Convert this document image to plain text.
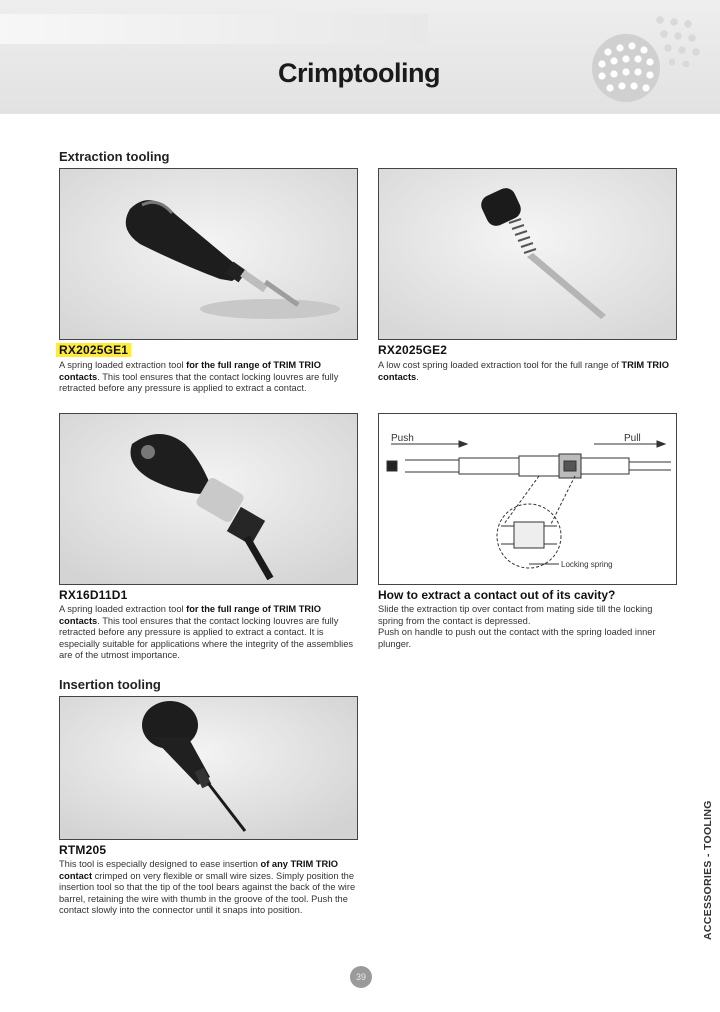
Crimptooling
Extraction tooling
RX2025GE1

A spring loaded extraction tool for the full range of TRIM TRIO contacts. This tool ensures that the contact locking louvres are fully retracted before any pressure is applied to extract a contact.

RX2025GE2

A low cost spring loaded extraction tool for the full range of TRIM TRIO contacts.

RX16D11D1

A spring loaded extraction tool for the full range of TRIM TRIO contacts. This tool ensures that the contact locking louvres are fully retracted before any pressure is applied to extract a contact. It is especially suitable for applications where the integrity of the assemblies are of the utmost importance.

Push	Pull
Locking spring
How to extract a contact out of its cavity?

Slide the extraction tip over contact from mating side till the locking spring from the contact is depressed.

Push on handle to push out the contact with the spring loaded inner plunger.

Insertion tooling
RTM205

This tool is especially designed to ease insertion of any TRIM TRIO contact crimped on very flexible or small wire sizes. Simply position the insertion tool so that the tip of the tool bears against the back of the wire barrel, retaining the wire with thumb in the groove of the tool. Push the contact slowly into the connector until it snaps into position.	ACCESSORIES - TOOLING
39
